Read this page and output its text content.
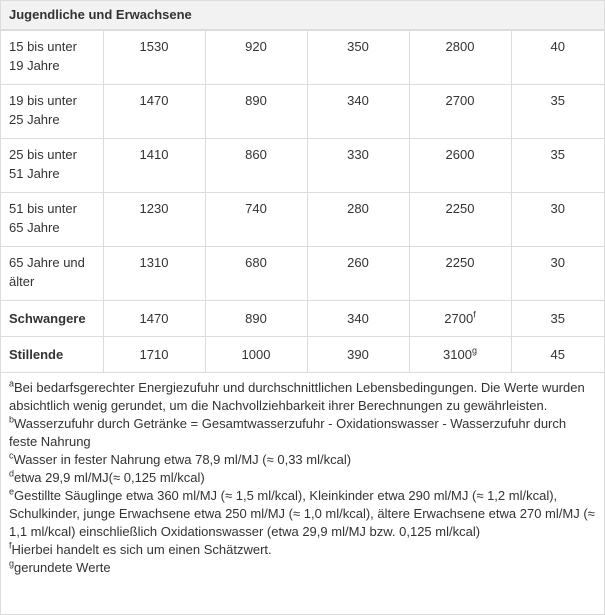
Jugendliche und Erwachsene
15 bis unter 19 Jahre	1530	920	350	2800	40
19 bis unter 25 Jahre	1470	890	340	2700	35
25 bis unter 51 Jahre	1410	860	330	2600	35
51 bis unter 65 Jahre	1230	740	280	2250	30
65 Jahre und älter	1310	680	260	2250	30
Schwangere	1470	890	340	2700$^f$	35
Stillende	1710	1000	390	3100$^g$	45

$^a$Bei bedarfsgerechter Energiezufuhr und durchschnittlichen Lebensbedingungen. Die Werte wurden absichtlich wenig gerundet, um die Nachvollziehbarkeit ihrer Berechnungen zu gewährleisten.

$^b$Wasserzufuhr durch Getränke = Gesamtwasserzufuhr - Oxidationswasser - Wasserzufuhr durch feste Nahrung

$^c$Wasser in fester Nahrung etwa 78,9 ml/MJ (≈ 0,33 ml/kcal)

$^d$etwa 29,9 ml/MJ(≈ 0,125 ml/kcal)

$^e$Gestillte Säuglinge etwa 360 ml/MJ (≈ 1,5 ml/kcal), Kleinkinder etwa 290 ml/MJ (≈ 1,2 ml/kcal), Schulkinder, junge Erwachsene etwa 250 ml/MJ (≈ 1,0 ml/kcal), ältere Erwachsene etwa 270 ml/MJ (≈ 1,1 ml/kcal) einschließlich Oxidationswasser (etwa 29,9 ml/MJ bzw. 0,125 ml/kcal)

$^f$Hierbei handelt es sich um einen Schätzwert.

$^g$gerundete Werte
